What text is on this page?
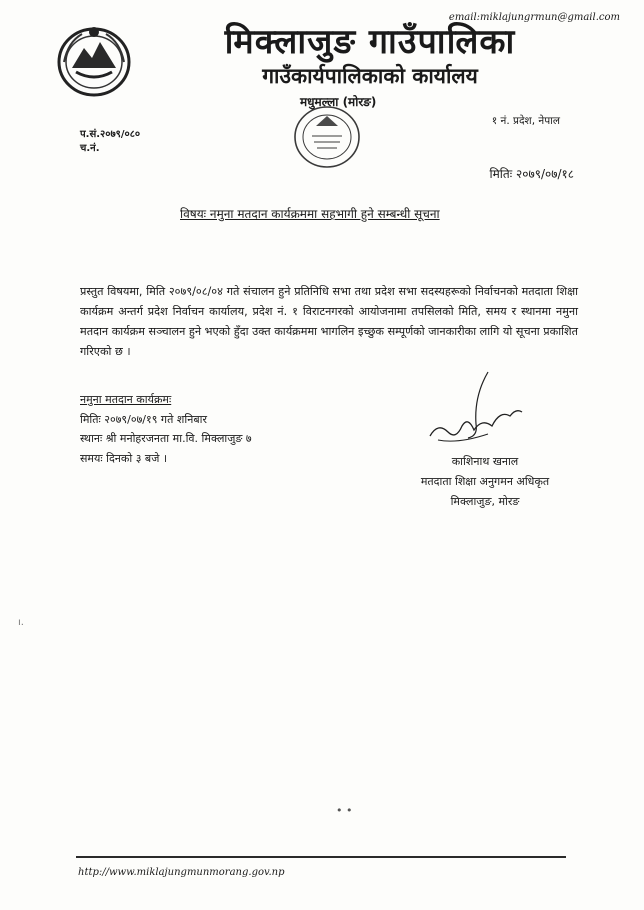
email:miklajungrmun@gmail.com
मिक्लाजुङ गाउँपालिका
गाउँकार्यपालिकाको कार्यालय
मधुमल्ला (मोरङ)
१ नं. प्रदेश, नेपाल
प.सं.२०७९/०८०
च.नं.
मितिः २०७९/०७/१८
विषयः नमुना मतदान कार्यक्रममा सहभागी हुने सम्बन्धी सूचना
प्रस्तुत विषयमा, मिति २०७९/०८/०४ गते संचालन हुने प्रतिनिधि सभा तथा प्रदेश सभा सदस्यहरूको निर्वाचनको मतदाता शिक्षा कार्यक्रम अन्तर्ग प्रदेश निर्वाचन कार्यालय, प्रदेश नं. १ विराटनगरको आयोजनामा तपसिलको मिति, समय र स्थानमा नमुना मतदान कार्यक्रम सञ्चालन हुने भएको हुँदा उक्त कार्यक्रममा भागलिन इच्छुक सम्पूर्णको जानकारीका लागि यो सूचना प्रकाशित गरिएको छ ।
नमुना मतदान कार्यक्रमः
मितिः २०७९/०७/१९ गते शनिबार
स्थानः श्री मनोहरजनता मा.वि. मिक्लाजुङ ७
समयः दिनको ३ बजे ।	काशिनाथ खनाल
मतदाता शिक्षा अनुगमन अधिकृत
मिक्लाजुङ, मोरङ
ı.
• •
http://www.miklajungmunmorang.gov.np
